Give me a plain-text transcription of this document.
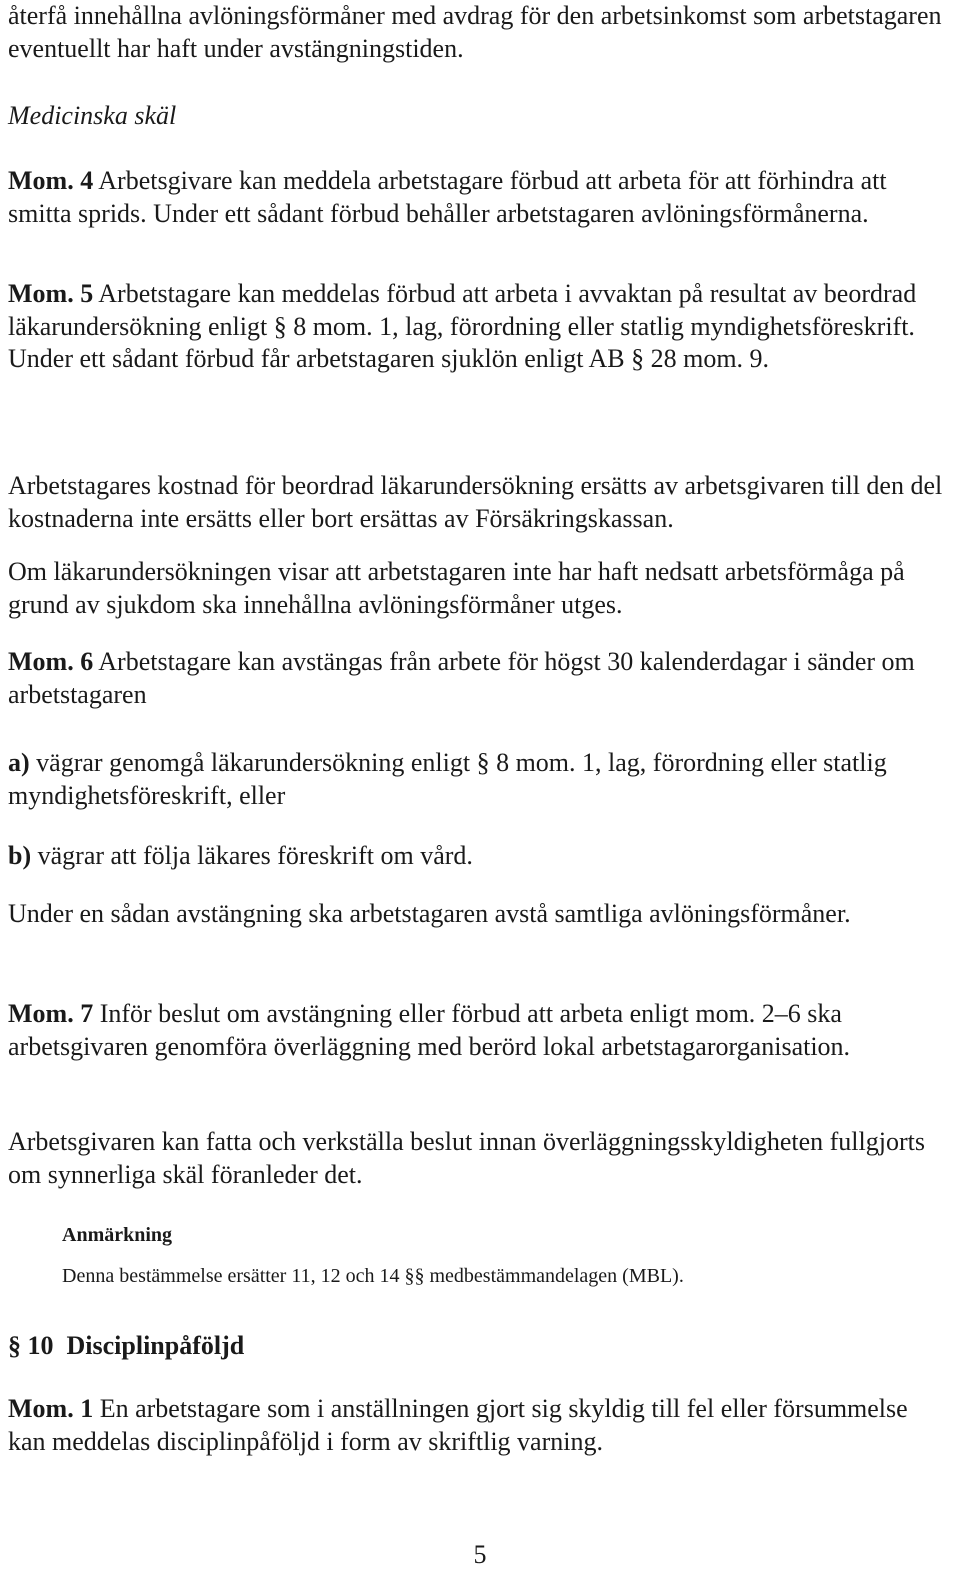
återfå innehållna avlöningsförmåner med avdrag för den arbetsinkomst som arbetstagaren eventuellt har haft under avstängningstiden.

Medicinska skäl

Mom. 4 Arbetsgivare kan meddela arbetstagare förbud att arbeta för att förhindra att smitta sprids. Under ett sådant förbud behåller arbetstagaren avlöningsförmånerna.

Mom. 5 Arbetstagare kan meddelas förbud att arbeta i avvaktan på resultat av beordrad läkarundersökning enligt § 8 mom. 1, lag, förordning eller statlig myndighetsföreskrift. Under ett sådant förbud får arbetstagaren sjuklön enligt AB § 28 mom. 9.

Arbetstagares kostnad för beordrad läkarundersökning ersätts av arbetsgivaren till den del kostnaderna inte ersätts eller bort ersättas av Försäkringskassan.

Om läkarundersökningen visar att arbetstagaren inte har haft nedsatt arbetsförmåga på grund av sjukdom ska innehållna avlöningsförmåner utges.

Mom. 6 Arbetstagare kan avstängas från arbete för högst 30 kalenderdagar i sänder om arbetstagaren

a) vägrar genomgå läkarundersökning enligt § 8 mom. 1, lag, förordning eller statlig myndighetsföreskrift, eller

b) vägrar att följa läkares föreskrift om vård.

Under en sådan avstängning ska arbetstagaren avstå samtliga avlöningsförmåner.

Mom. 7 Inför beslut om avstängning eller förbud att arbeta enligt mom. 2–6 ska arbetsgivaren genomföra överläggning med berörd lokal arbetstagarorganisation.

Arbetsgivaren kan fatta och verkställa beslut innan överläggningsskyldigheten fullgjorts om synnerliga skäl föranleder det.

Anmärkning

Denna bestämmelse ersätter 11, 12 och 14 §§ medbestämmandelagen (MBL).

§ 10  Disciplinpåföljd

Mom. 1 En arbetstagare som i anställningen gjort sig skyldig till fel eller försummelse kan meddelas disciplinpåföljd i form av skriftlig varning.

5
